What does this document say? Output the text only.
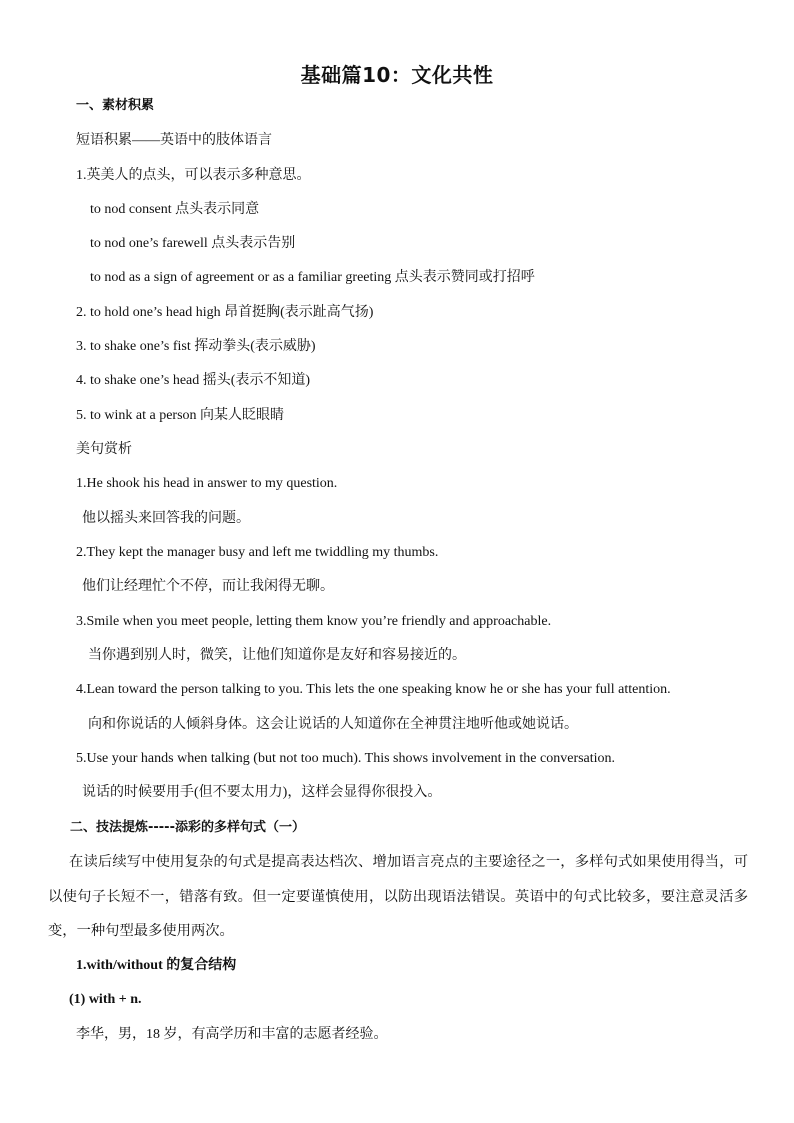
基础篇10：文化共性
一、素材积累
短语积累——英语中的肢体语言
1.英美人的点头，可以表示多种意思。
to nod consent 点头表示同意
to nod one’s farewell 点头表示告别
to nod as a sign of agreement or as a familiar greeting 点头表示赞同或打招呼
2. to hold one’s head high 昂首挺胸(表示趾高气扬)
3. to shake one’s fist 挥动拳头(表示威胁)
4. to shake one’s head 摇头(表示不知道)
5. to wink at a person 向某人眨眼睛
美句赏析
1.He shook his head in answer to my question.
他以摇头来回答我的问题。
2.They kept the manager busy and left me twiddling my thumbs.
他们让经理忙个不停，而让我闲得无聊。
3.Smile when you meet people, letting them know you’re friendly and approachable.
当你遇到别人时，微笑，让他们知道你是友好和容易接近的。
4.Lean toward the person talking to you. This lets the one speaking know he or she has your full attention.
向和你说话的人倾斜身体。这会让说话的人知道你在全神贯注地听他或她说话。
5.Use your hands when talking (but not too much). This shows involvement in the conversation.
说话的时候要用手(但不要太用力)，这样会显得你很投入。
二、技法提炼-----添彩的多样句式（一）
在读后续写中使用复杂的句式是提高表达档次、增加语言亮点的主要途径之一，多样句式如果使用得当，可以使句子长短不一，错落有致。但一定要谨慎使用，以防出现语法错误。英语中的句式比较多，要注意灵活多变，一种句型最多使用两次。
1.with/without 的复合结构
(1) with + n.
李华，男，18 岁，有高学历和丰富的志愿者经验。
